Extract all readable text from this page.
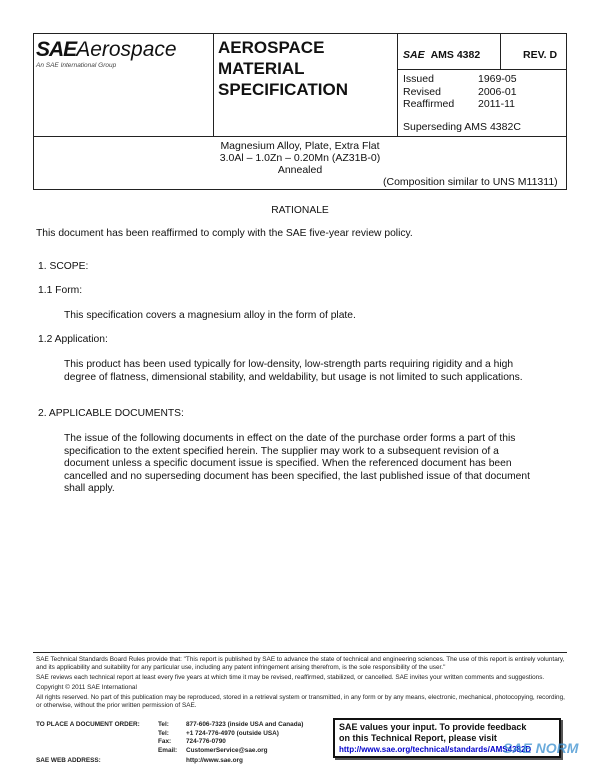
SAEAerospace
An SAE International Group
AEROSPACE
MATERIAL
SPECIFICATION
SAE AMS 4382	REV. D
Issued	1969-05
Revised	2006-01
Reaffirmed 2011-11
Superseding AMS 4382C
Magnesium Alloy, Plate, Extra Flat
3.0Al – 1.0Zn – 0.20Mn (AZ31B-0)
Annealed
(Composition similar to UNS M11311)
RATIONALE
This document has been reaffirmed to comply with the SAE five-year review policy.
1. SCOPE:
1.1 Form:
This specification covers a magnesium alloy in the form of plate.
1.2 Application:
This product has been used typically for low-density, low-strength parts requiring rigidity and a high degree of flatness, dimensional stability, and weldability, but usage is not limited to such applications.
2. APPLICABLE DOCUMENTS:
The issue of the following documents in effect on the date of the purchase order forms a part of this specification to the extent specified herein. The supplier may work to a subsequent revision of a document unless a specific document issue is specified. When the referenced document has been cancelled and no superseding document has been specified, the last published issue of that document shall apply.
SAE Technical Standards Board Rules provide that: "This report is published by SAE to advance the state of technical and engineering sciences. The use of this report is entirely voluntary, and its applicability and suitability for any particular use, including any patent infringement arising therefrom, is the sole responsibility of the user."
SAE reviews each technical report at least every five years at which time it may be revised, reaffirmed, stabilized, or cancelled. SAE invites your written comments and suggestions.
Copyright © 2011 SAE International
All rights reserved. No part of this publication may be reproduced, stored in a retrieval system or transmitted, in any form or by any means, electronic, mechanical, photocopying, recording, or otherwise, without the prior written permission of SAE.
TO PLACE A DOCUMENT ORDER:	Tel:	877-606-7323 (inside USA and Canada)
Tel:	+1 724-776-4970 (outside USA)
Fax: 724-776-0790
Email: CustomerService@sae.org
SAE WEB ADDRESS:	http://www.sae.org
SAE values your input. To provide feedback
on this Technical Report, please visit
http://www.sae.org/technical/standards/AMS4382D
SAE NORM
